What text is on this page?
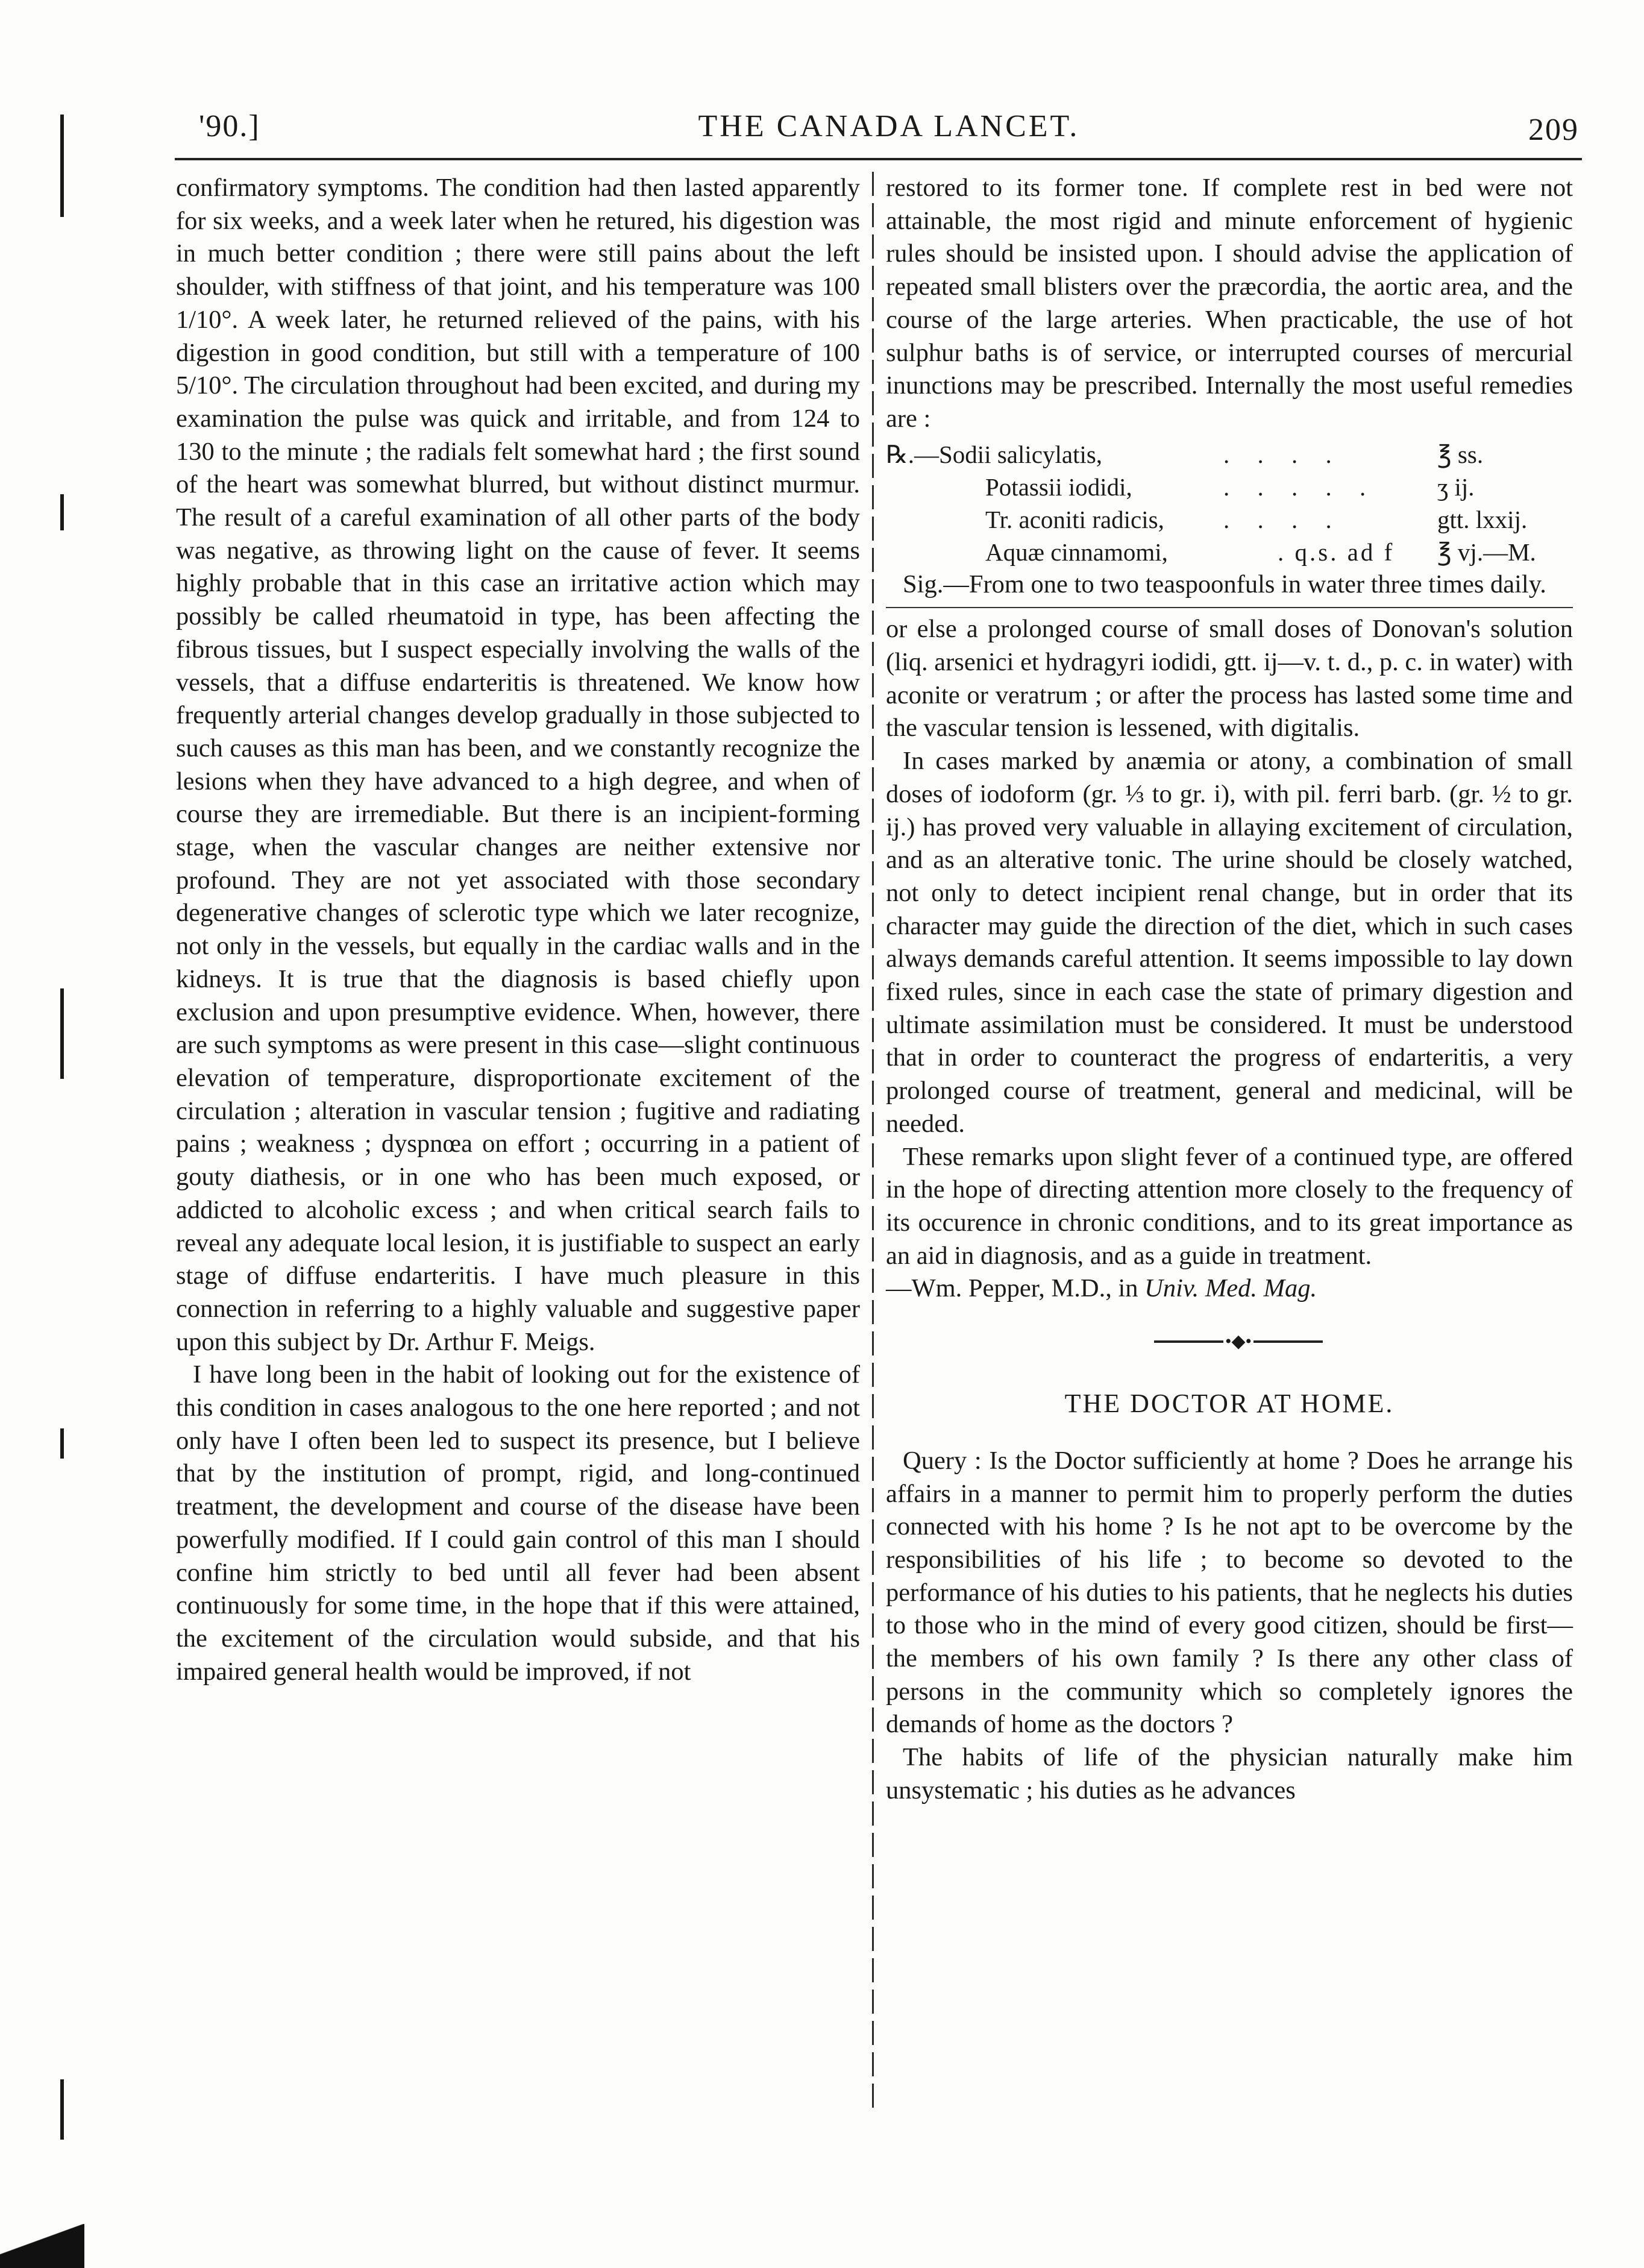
THE CANADA LANCET.
'90.]	209

confirmatory symptoms. The condition had then lasted apparently for six weeks, and a week later when he retured, his digestion was in much better condition ; there were still pains about the left shoulder, with stiffness of that joint, and his temperature was 100 1/10°. A week later, he returned relieved of the pains, with his digestion in good condition, but still with a temperature of 100 5/10°. The circulation throughout had been excited, and during my examination the pulse was quick and irritable, and from 124 to 130 to the minute ; the radials felt somewhat hard ; the first sound of the heart was somewhat blurred, but without distinct murmur. The result of a careful examination of all other parts of the body was negative, as throwing light on the cause of fever. It seems highly probable that in this case an irritative action which may possibly be called rheumatoid in type, has been affecting the fibrous tissues, but I suspect especially involving the walls of the vessels, that a diffuse endarteritis is threatened. We know how frequently arterial changes develop gradually in those subjected to such causes as this man has been, and we constantly recognize the lesions when they have advanced to a high degree, and when of course they are irremediable. But there is an incipient-forming stage, when the vascular changes are neither extensive nor profound. They are not yet associated with those secondary degenerative changes of sclerotic type which we later recognize, not only in the vessels, but equally in the cardiac walls and in the kidneys. It is true that the diagnosis is based chiefly upon exclusion and upon presumptive evidence. When, however, there are such symptoms as were present in this case—slight continuous elevation of temperature, disproportionate excitement of the circulation ; alteration in vascular tension ; fugitive and radiating pains ; weakness ; dyspnœa on effort ; occurring in a patient of gouty diathesis, or in one who has been much exposed, or addicted to alcoholic excess ; and when critical search fails to reveal any adequate local lesion, it is justifiable to suspect an early stage of diffuse endarteritis. I have much pleasure in this connection in referring to a highly valuable and suggestive paper upon this subject by Dr. Arthur F. Meigs.

I have long been in the habit of looking out for the existence of this condition in cases analogous to the one here reported ; and not only have I often been led to suspect its presence, but I believe that by the institution of prompt, rigid, and long-continued treatment, the development and course of the disease have been powerfully modified. If I could gain control of this man I should confine him strictly to bed until all fever had been absent continuously for some time, in the hope that if this were attained, the excitement of the circulation would subside, and that his impaired general health would be improved, if not

restored to its former tone. If complete rest in bed were not attainable, the most rigid and minute enforcement of hygienic rules should be insisted upon. I should advise the application of repeated small blisters over the præcordia, the aortic area, and the course of the large arteries. When practicable, the use of hot sulphur baths is of service, or interrupted courses of mercurial inunctions may be prescribed. Internally the most useful remedies are :

℞.—Sodii salicylatis,	. . . .	℥ ss.
Potassii iodidi,	. . . . . ʒ ij.
Tr. aconiti radicis, . . . .	gtt. lxxij.
Aquæ cinnamomi,	. q.s. ad f ℥ vj.—M.

Sig.—From one to two teaspoonfuls in water three times daily.

or else a prolonged course of small doses of Donovan's solution (liq. arsenici et hydragyri iodidi, gtt. ij—v. t. d., p. c. in water) with aconite or veratrum ; or after the process has lasted some time and the vascular tension is lessened, with digitalis.

In cases marked by anæmia or atony, a combination of small doses of iodoform (gr. ⅓ to gr. i), with pil. ferri barb. (gr. ½ to gr. ij.) has proved very valuable in allaying excitement of circulation, and as an alterative tonic. The urine should be closely watched, not only to detect incipient renal change, but in order that its character may guide the direction of the diet, which in such cases always demands careful attention. It seems impossible to lay down fixed rules, since in each case the state of primary digestion and ultimate assimilation must be considered. It must be understood that in order to counteract the progress of endarteritis, a very prolonged course of treatment, general and medicinal, will be needed.

These remarks upon slight fever of a continued type, are offered in the hope of directing attention more closely to the frequency of its occurence in chronic conditions, and to its great importance as an aid in diagnosis, and as a guide in treatment.

—Wm. Pepper, M.D., in Univ. Med. Mag.

•◆•
THE DOCTOR AT HOME.

Query : Is the Doctor sufficiently at home ? Does he arrange his affairs in a manner to permit him to properly perform the duties connected with his home ? Is he not apt to be overcome by the responsibilities of his life ; to become so devoted to the performance of his duties to his patients, that he neglects his duties to those who in the mind of every good citizen, should be first—the members of his own family ? Is there any other class of persons in the community which so completely ignores the demands of home as the doctors ?

The habits of life of the physician naturally make him unsystematic ; his duties as he advances
